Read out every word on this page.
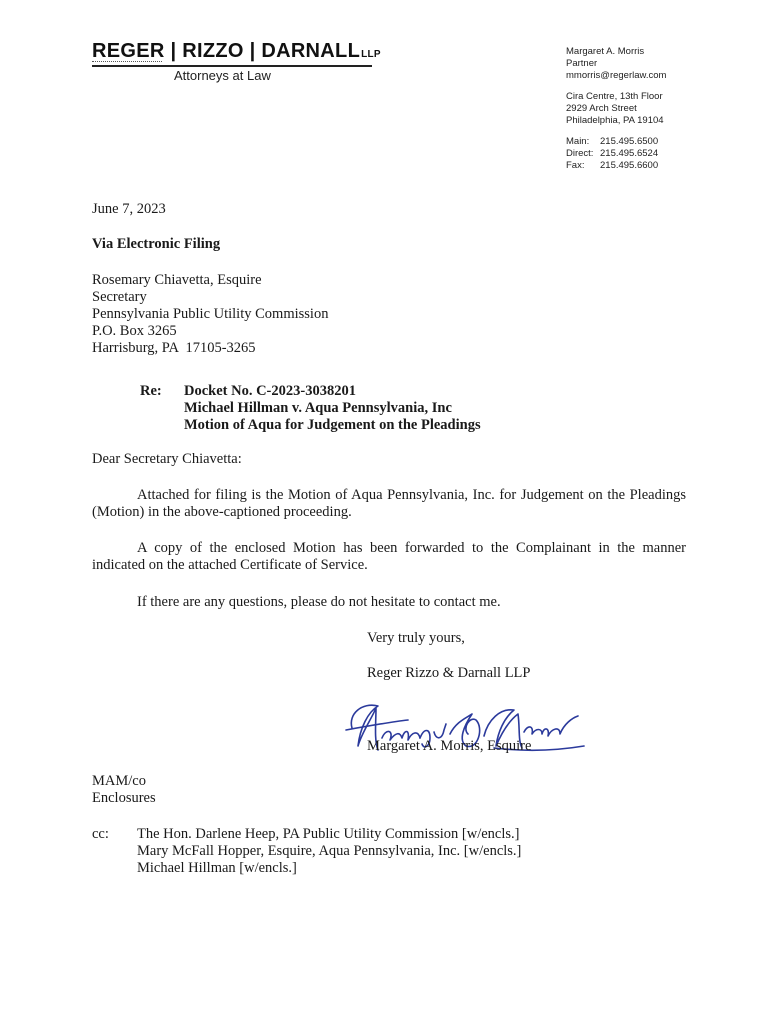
REGER | RIZZO | DARNALLLLP
Attorneys at Law
Margaret A. Morris
Partner
mmorris@regerlaw.com
Cira Centre, 13th Floor
2929 Arch Street
Philadelphia, PA 19104
Main:	215.495.6500
Direct: 215.495.6524
Fax:	215.495.6600
June 7, 2023
Via Electronic Filing
Rosemary Chiavetta, Esquire
Secretary
Pennsylvania Public Utility Commission
P.O. Box 3265
Harrisburg, PA  17105-3265
Re: Docket No. C-2023-3038201
Michael Hillman v. Aqua Pennsylvania, Inc
Motion of Aqua for Judgement on the Pleadings
Dear Secretary Chiavetta:
Attached for filing is the Motion of Aqua Pennsylvania, Inc. for Judgement on the Pleadings (Motion) in the above-captioned proceeding.
A copy of the enclosed Motion has been forwarded to the Complainant in the manner indicated on the attached Certificate of Service.
If there are any questions, please do not hesitate to contact me.
Very truly yours,
Reger Rizzo & Darnall LLP
Margaret A. Morris, Esquire
MAM/co
Enclosures
cc: The Hon. Darlene Heep, PA Public Utility Commission [w/encls.]
Mary McFall Hopper, Esquire, Aqua Pennsylvania, Inc. [w/encls.]
Michael Hillman [w/encls.]
